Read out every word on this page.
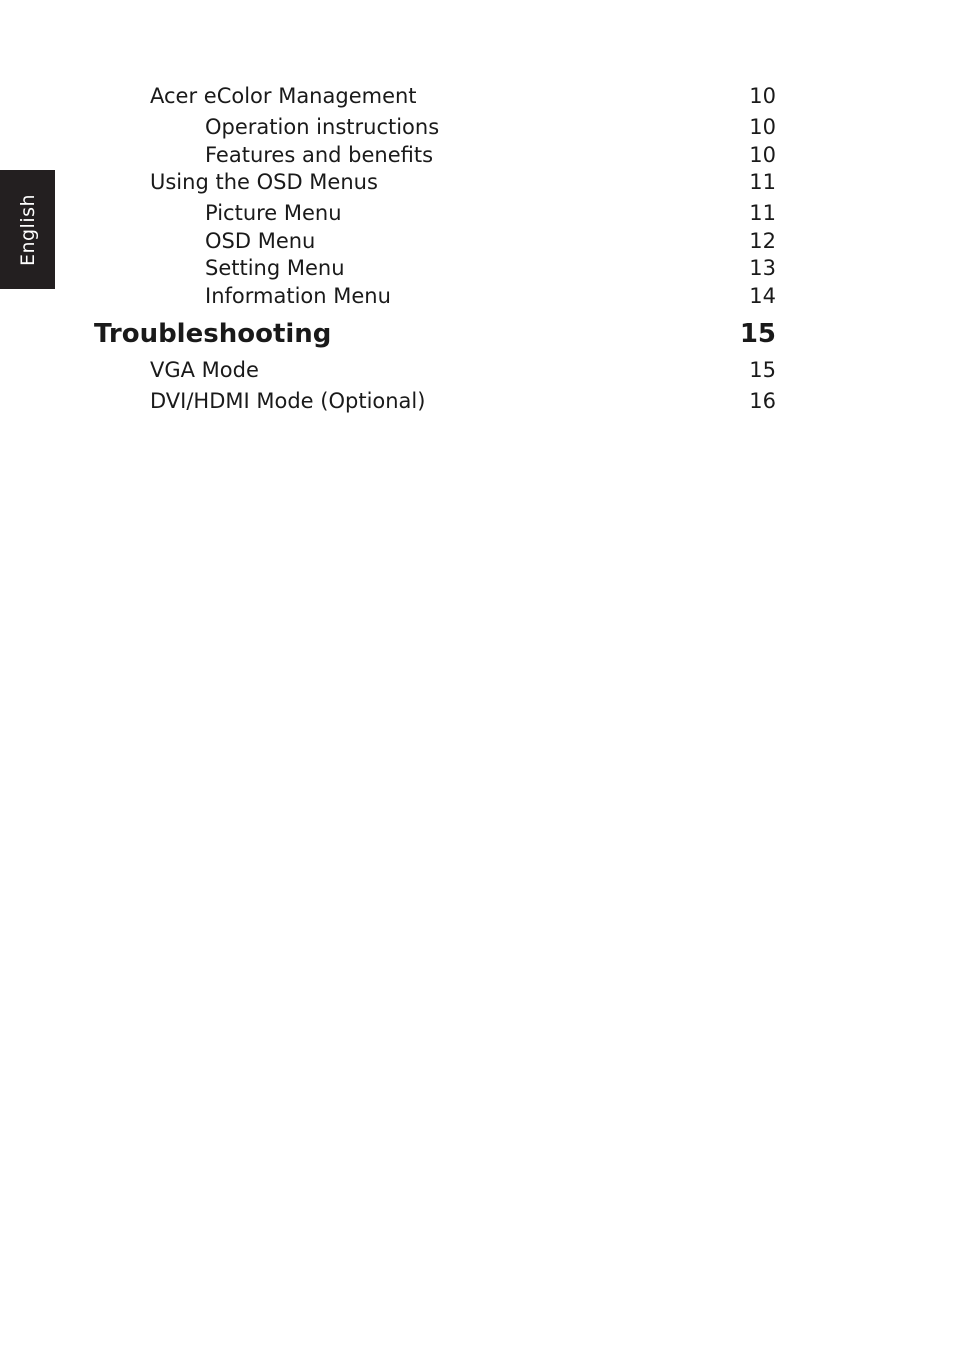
English
Acer eColor Management	10
Operation instructions	10
Features and benefits	10
Using the OSD Menus	11
Picture Menu	11
OSD Menu	12
Setting Menu	13
Information Menu	14
Troubleshooting	15
VGA Mode	15
DVI/HDMI Mode (Optional)	16
